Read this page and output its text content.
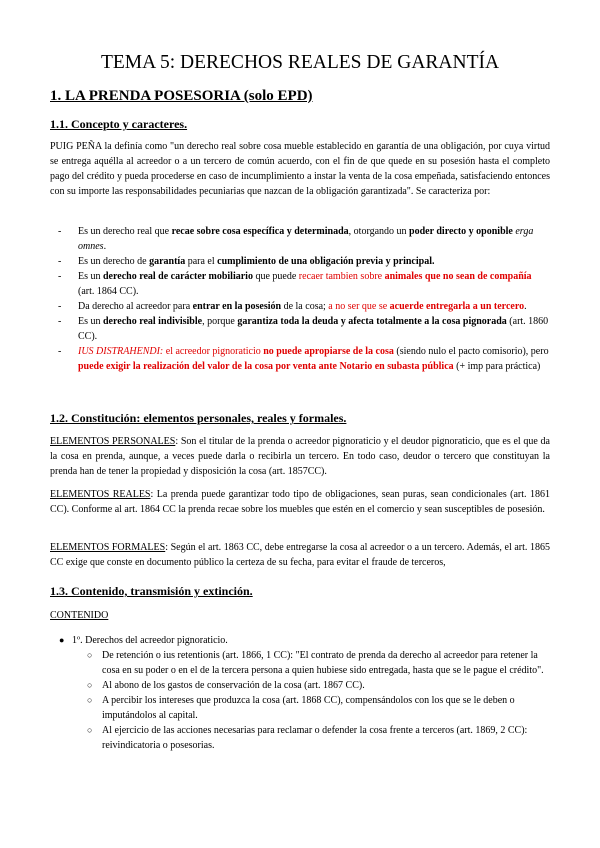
TEMA 5: DERECHOS REALES DE GARANTÍA
1. LA PRENDA POSESORIA (solo EPD)
1.1. Concepto y caracteres.
PUIG PEÑA la definía como "un derecho real sobre cosa mueble establecido en garantía de una obligación, por cuya virtud se entrega aquélla al acreedor o a un tercero de común acuerdo, con el fin de que quede en su posesión hasta el completo pago del crédito y pueda procederse en caso de incumplimiento a instar la venta de la cosa empeñada, satisfaciendo entonces con su importe las responsabilidades pecuniarias que nazcan de la obligación garantizada". Se caracteriza por:
- Es un derecho real que recae sobre cosa específica y determinada, otorgando un poder directo y oponible erga omnes.
- Es un derecho de garantía para el cumplimiento de una obligación previa y principal.
- Es un derecho real de carácter mobiliario que puede recaer tambien sobre animales que no sean de compañía (art. 1864 CC).
- Da derecho al acreedor para entrar en la posesión de la cosa; a no ser que se acuerde entregarla a un tercero.
- Es un derecho real indivisible, porque garantiza toda la deuda y afecta totalmente a la cosa pignorada (art. 1860 CC).
- IUS DISTRAHENDI: el acreedor pignoraticio no puede apropiarse de la cosa (siendo nulo el pacto comisorio), pero puede exigir la realización del valor de la cosa por venta ante Notario en subasta pública (+ imp para práctica)
1.2. Constitución: elementos personales, reales y formales.
ELEMENTOS PERSONALES: Son el titular de la prenda o acreedor pignoraticio y el deudor pignoraticio, que es el que da la cosa en prenda, aunque, a veces puede darla o recibirla un tercero. En todo caso, deudor o tercero que constituyan la prenda han de tener la propiedad y disposición la cosa (art. 1857CC).
ELEMENTOS REALES: La prenda puede garantizar todo tipo de obligaciones, sean puras, sean condicionales (art. 1861 CC). Conforme al art. 1864 CC la prenda recae sobre los muebles que estén en el comercio y sean susceptibles de posesión.
ELEMENTOS FORMALES: Según el art. 1863 CC, debe entregarse la cosa al acreedor o a un tercero. Además, el art. 1865 CC exige que conste en documento público la certeza de su fecha, para evitar el fraude de terceros,
1.3. Contenido, transmisión y extinción.
CONTENIDO
● 1º. Derechos del acreedor pignoraticio.
○ De retención o ius retentionis (art. 1866, 1 CC): "El contrato de prenda da derecho al acreedor para retener la cosa en su poder o en el de la tercera persona a quien hubiese sido entregada, hasta que se le pague el crédito".
○ Al abono de los gastos de conservación de la cosa (art. 1867 CC).
○ A percibir los intereses que produzca la cosa (art. 1868 CC), compensándolos con los que se le deben o imputándolos al capital.
○ Al ejercicio de las acciones necesarias para reclamar o defender la cosa frente a terceros (art. 1869, 2 CC): reivindicatoria o posesorias.
